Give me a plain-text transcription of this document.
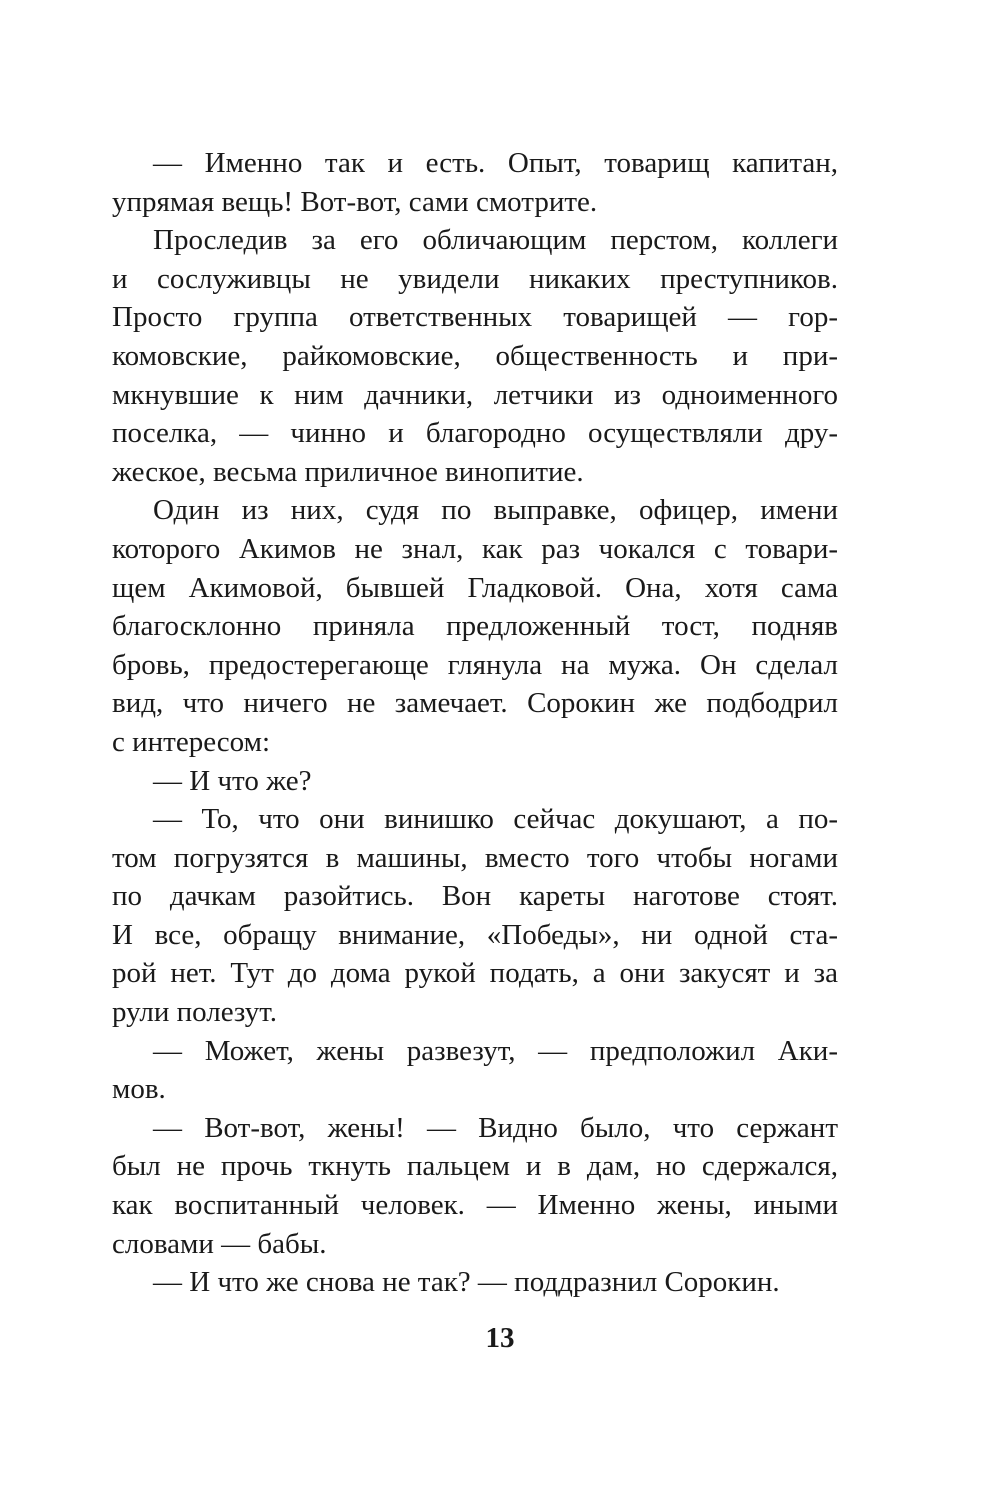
— Именно так и есть. Опыт, товарищ капитан,
упрямая вещь! Вот-вот, сами смотрите.
Проследив за его обличающим перстом, коллеги
и сослуживцы не увидели никаких преступников.
Просто группа ответственных товарищей — гор-
комовские, райкомовские, общественность и при-
мкнувшие к ним дачники, летчики из одноименного
поселка, — чинно и благородно осуществляли дру-
жеское, весьма приличное винопитие.
Один из них, судя по выправке, офицер, имени
которого Акимов не знал, как раз чокался с товари-
щем Акимовой, бывшей Гладковой. Она, хотя сама
благосклонно приняла предложенный тост, подняв
бровь, предостерегающе глянула на мужа. Он сделал
вид, что ничего не замечает. Сорокин же подбодрил
с интересом:
— И что же?
— То, что они винишко сейчас докушают, а по-
том погрузятся в машины, вместо того чтобы ногами
по дачкам разойтись. Вон кареты наготове стоят.
И все, обращу внимание, «Победы», ни одной ста-
рой нет. Тут до дома рукой подать, а они закусят и за
рули полезут.
— Может, жены развезут, — предположил Аки-
мов.
— Вот-вот, жены! — Видно было, что сержант
был не прочь ткнуть пальцем и в дам, но сдержался,
как воспитанный человек. — Именно жены, иными
словами — бабы.
— И что же снова не так? — поддразнил Сорокин.
13
